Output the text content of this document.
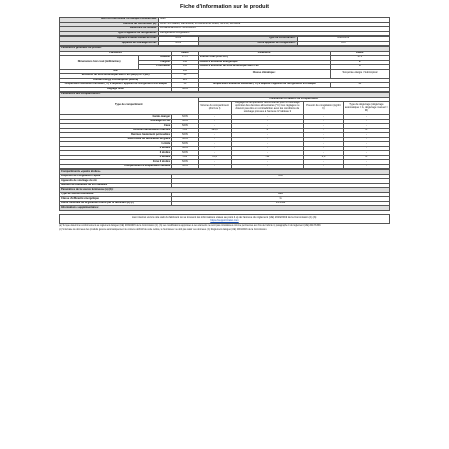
Fiche d'information sur le produit
Nom du fournisseur ou marque commerciale:	beko
Adresse du fournisseur (b):	Arctic S.A Gaesti, Dambovita, 13 Decembrie Street, No 210, Romania
Référence du modèle:	RCNE365E35WN 7521019016
Type d'appareil de réfrigération:	Réfrigérateur-congélateur
Appareil à faible niveau de bruit:	NON	Type de construction:	Autonome
Appareil de stockage du vin:	NON	Autre appareil de réfrigération:	OUI
Paramètres généraux du produit:				
Paramètre		Valeur	Paramètre	Valeur
Dimensions hors tout (millimètres)	Hauteur	1775	Volume total (dm3 ou l)	273
	Largeur	546	Classe d'efficacité énergétique	E
	Profondeur	545	Classe d'émission de bruit acoustique dans l'air	B
IEE		130	Classe climatique:	Tempérée élargie / Subtropical
Émission de bruit acoustique dans l'air (dB(A) re 1 pW)		36		
Annual energy consumption (kWh/a)		225		
Température ambiante minimale (°C) à laquelle l'appareil de réfrigération est adapté		10	Température ambiante maximale (°C) à laquelle l'appareil de réfrigération est adapté	38
Réglage hiver		NON		
Paramètres des compartiments:					
Type de compartiment		Paramètres et valeurs de compartiment			
		Volume du compartiment (dm3 ou l)	Réglage de température recommandé pour un stockage optimisé des denrées alimentaires (°C) Ces réglages ne doivent pas être en contradiction avec les conditions de stockage prévues à l'annexe IV tableau 3	Pouvoir de congélation (kg/24 h)	Type de dégivrage (dégivrage automatique = A, dégivrage manuel = M)
Garde-manger	NON	-	-	-	-
Stockage du vin	NON	-	-	-	-
Cave	NON	-	-	-	-
Denrées alimentaires fraîches	OUI	193,0	4	-	A
Denrées hautement périssables	NON	-	-	-	-
Sans étoile ou fabrication de glace	NON	-	-	-	-
1 étoile	NON	-	-	-	-
2 étoiles	NON	-	-	-	-
3 étoiles	NON	-	-	-	-
4 étoiles	OUI	78,0	-18	3,6	A
Zone 2 étoiles	NON	-	-	-	-
Compartiment à température variable	NON	-	-	-	-
Compartiments «quatre étoiles»	
Dispositif de congélation rapide	OUI
Appareils de stockage du vin	
Nombre de bouteilles de vin standard	
Paramètres de la source lumineuse (a) (b):	
Type de source lumineuse	LED
Classe d'efficacité énergétique	G
Durée minimale de la garantie offerte par le fabricant (b) (c)	24 Mois
Informations supplémentaires:	
Lien internet vers le site web du fabricant où se trouvent les informations visées au point 4 a) de l'annexe du règlement (UE) 2019/2019 de la Commission (1) (b):
https://support.beko.com
(a) Tel que déterminé conformément au règlement délégué (UE) 2019/2015 de la Commission (1). (b) Les modifications apportées à ces éléments ne sont pas considérées comme pertinentes aux fins de l'article 4, paragraphe 4 du règlement (UE) 2017/1369.
(c) Si la base de données des produits génère automatiquement le contenu définitif de cette cellule, le fournisseur ne doit pas saisir ces données. (1) Règlement délégué (UE) 2019/2016 de la Commission.
